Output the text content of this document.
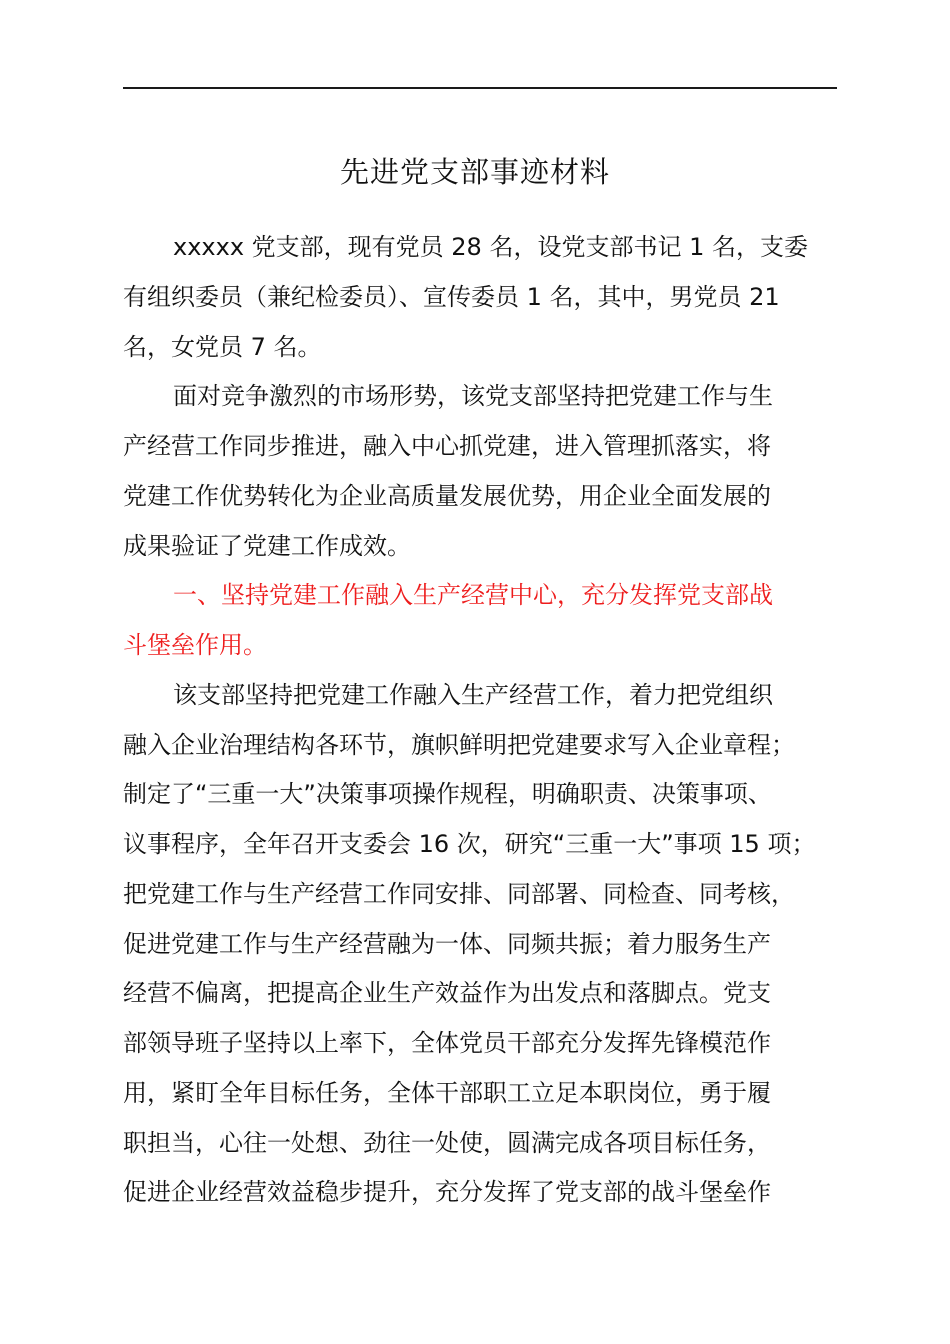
先进党支部事迹材料
xxxxx 党支部，现有党员 28 名，设党支部书记 1 名，支委
有组织委员（兼纪检委员）、宣传委员 1 名，其中，男党员 21
名，女党员 7 名。
面对竞争激烈的市场形势，该党支部坚持把党建工作与生
产经营工作同步推进，融入中心抓党建，进入管理抓落实，将
党建工作优势转化为企业高质量发展优势，用企业全面发展的
成果验证了党建工作成效。
一、坚持党建工作融入生产经营中心，充分发挥党支部战
斗堡垒作用。
该支部坚持把党建工作融入生产经营工作，着力把党组织
融入企业治理结构各环节，旗帜鲜明把党建要求写入企业章程；
制定了“三重一大”决策事项操作规程，明确职责、决策事项、
议事程序，全年召开支委会 16 次，研究“三重一大”事项 15 项；
把党建工作与生产经营工作同安排、同部署、同检查、同考核，
促进党建工作与生产经营融为一体、同频共振；着力服务生产
经营不偏离，把提高企业生产效益作为出发点和落脚点。党支
部领导班子坚持以上率下，全体党员干部充分发挥先锋模范作
用，紧盯全年目标任务，全体干部职工立足本职岗位，勇于履
职担当，心往一处想、劲往一处使，圆满完成各项目标任务，
促进企业经营效益稳步提升，充分发挥了党支部的战斗堡垒作
